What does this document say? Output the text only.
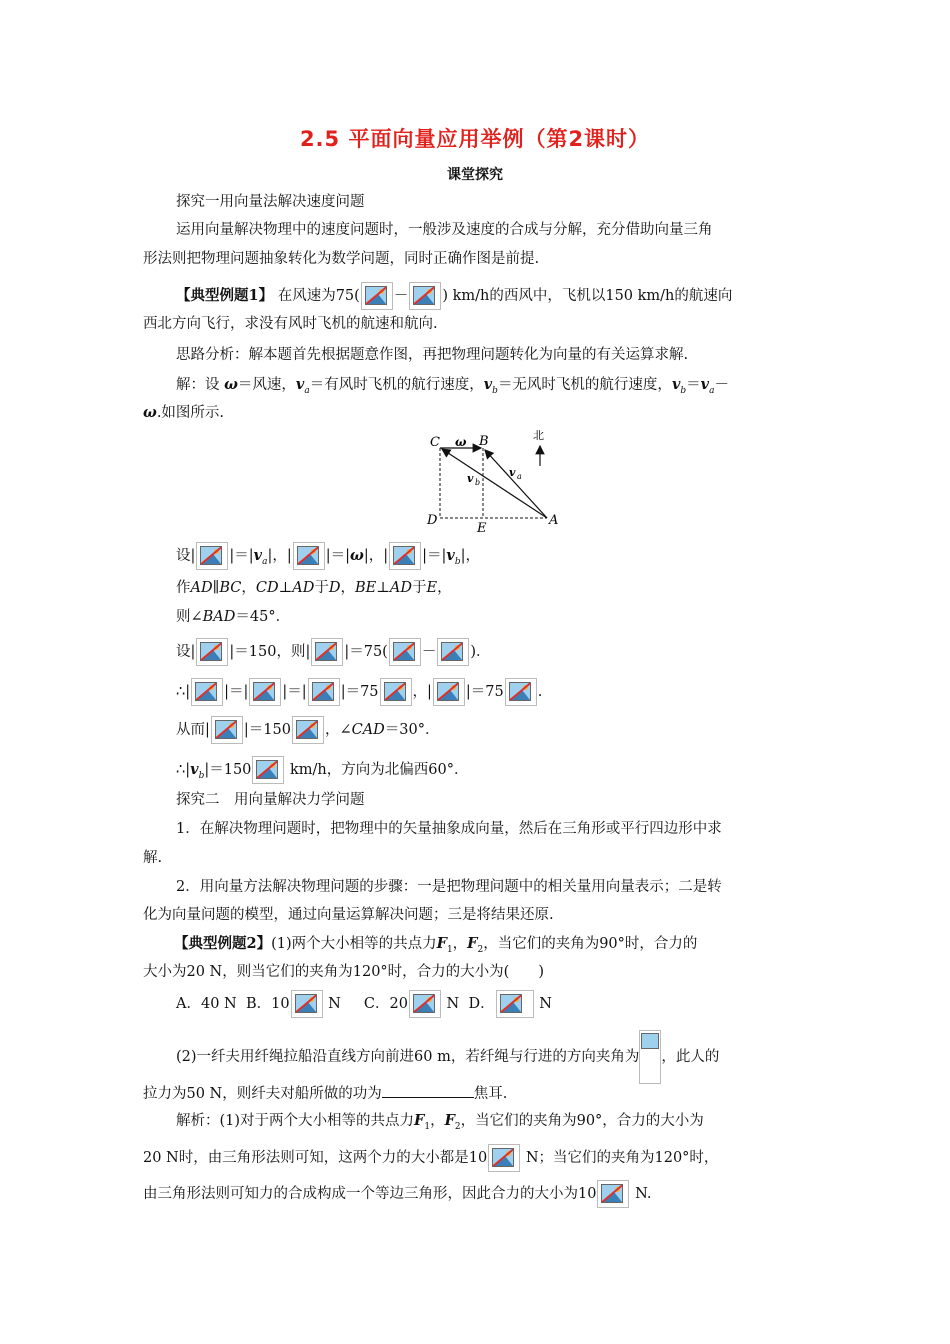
2.5 平面向量应用举例（第2课时）
课堂探究
探究一用向量法解决速度问题
运用向量解决物理中的速度问题时，一般涉及速度的合成与分解，充分借助向量三角
形法则把物理问题抽象转化为数学问题，同时正确作图是前提.
【典型例题1】 在风速为75( － ) km/h的西风中，飞机以150 km/h的航速向
西北方向飞行，求没有风时飞机的航速和航向.
思路分析：解本题首先根据题意作图，再把物理问题转化为向量的有关运算求解.
解：设 ω＝风速，$v_a=$有风时飞机的航行速度，$v_b=$无风时飞机的航行速度，$v_b=v_a-$
ω.如图所示.
C	B
D
E
A
ω
v a
v b
北
设| $|=|v_a|$，| |＝|ω|，| $|=|v_b|$，
作AD∥BC，CD⊥AD于D，BE⊥AD于E，
则∠BAD＝45°．
设| |＝150，则| |＝75( － )．
∴| |＝| |＝| |＝75 ，| |＝75 .
从而| |＝150 ，∠CAD＝30°．
$\therefore|v_b|=150$
km/h，方向为北偏西60°．
探究二　用向量解决力学问题
1．在解决物理问题时，把物理中的矢量抽象成向量，然后在三角形或平行四边形中求
解.
2．用向量方法解决物理问题的步骤：一是把物理问题中的相关量用向量表示；二是转
化为向量问题的模型，通过向量运算解决问题；三是将结果还原.
【典型例题2】(1)两个大小相等的共点力$F_1$，$F_2$，当它们的夹角为90°时，合力的
大小为20 N，则当它们的夹角为120°时，合力的大小为(　　)
A．40 N B．10	N C．20	N D．	N
(2)一纤夫用纤绳拉船沿直线方向前进60 m，若纤绳与行进的方向夹角为 ，此人的
拉力为50 N，则纤夫对船所做的功为	焦耳.
解析：(1)对于两个大小相等的共点力$F_1$，$F_2$，当它们的夹角为90°，合力的大小为
20 N时，由三角形法则可知，这两个力的大小都是10	N；当它们的夹角为120°时，
由三角形法则可知力的合成构成一个等边三角形，因此合力的大小为10	N.
